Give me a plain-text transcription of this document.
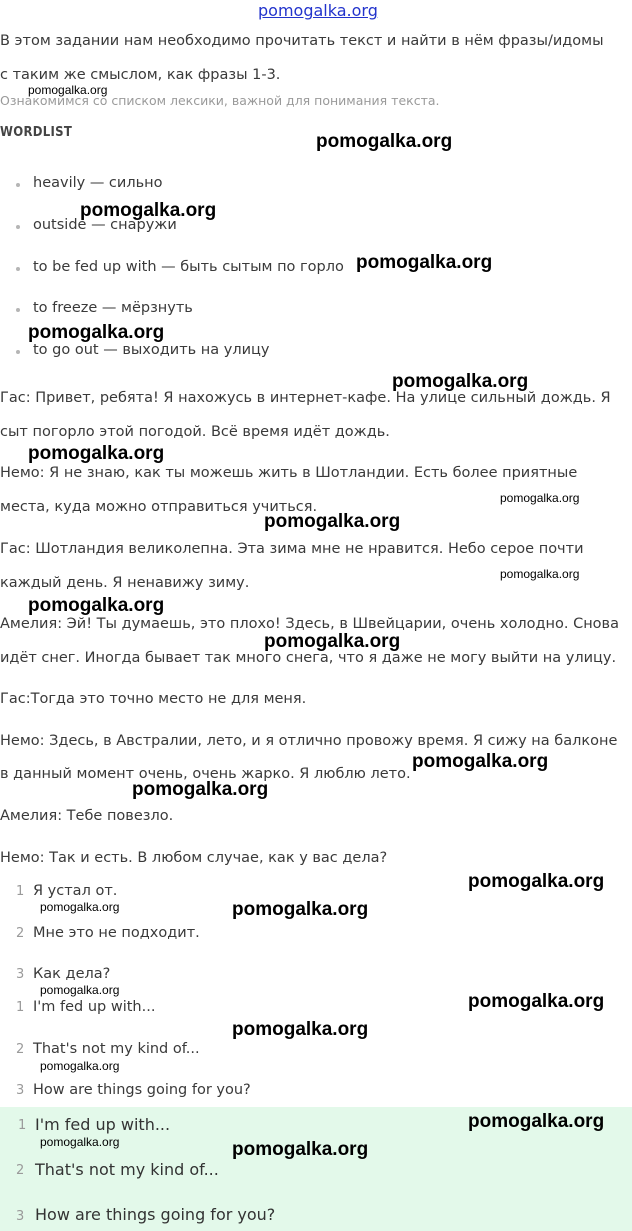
pomogalka.org
В этом задании нам необходимо прочитать текст и найти в нём фразы/идомы
с таким же смыслом, как фразы 1-3.
Ознакомимся со списком лексики, важной для понимания текста.
WORDLIST
heavily — сильно
outside — снаружи
to be fed up with — быть сытым по горло
to freeze — мёрзнуть
to go out — выходить на улицу
Гас: Привет, ребята! Я нахожусь в интернет-кафе. На улице сильный дождь. Я
сыт погорло этой погодой. Всё время идёт дождь.
Немо: Я не знаю, как ты можешь жить в Шотландии. Есть более приятные
места, куда можно отправиться учиться.
Гас: Шотландия великолепна. Эта зима мне не нравится. Небо серое почти
каждый день. Я ненавижу зиму.
Амелия: Эй! Ты думаешь, это плохо! Здесь, в Швейцарии, очень холодно. Снова
идёт снег. Иногда бывает так много снега, что я даже не могу выйти на улицу.
Гас:Тогда это точно место не для меня.
Немо: Здесь, в Австралии, лето, и я отлично провожу время. Я сижу на балконе
в данный момент очень, очень жарко. Я люблю лето.
Амелия: Тебе повезло.
Немо: Так и есть. В любом случае, как у вас дела?
1 Я устал от.
2 Мне это не подходит.
3 Как дела?
1 I'm fed up with...
2 That's not my kind of...
3 How are things going for you?
1 I'm fed up with...
2 That's not my kind of...
3 How are things going for you?
pomogalka.org
pomogalka.org
pomogalka.org
pomogalka.org
pomogalka.org
pomogalka.org
pomogalka.org
pomogalka.org
pomogalka.org
pomogalka.org
pomogalka.org
pomogalka.org
pomogalka.org
pomogalka.org
pomogalka.org
pomogalka.org	pomogalka.org
pomogalka.org
pomogalka.org
pomogalka.org
pomogalka.org
pomogalka.org
pomogalka.org	pomogalka.org
